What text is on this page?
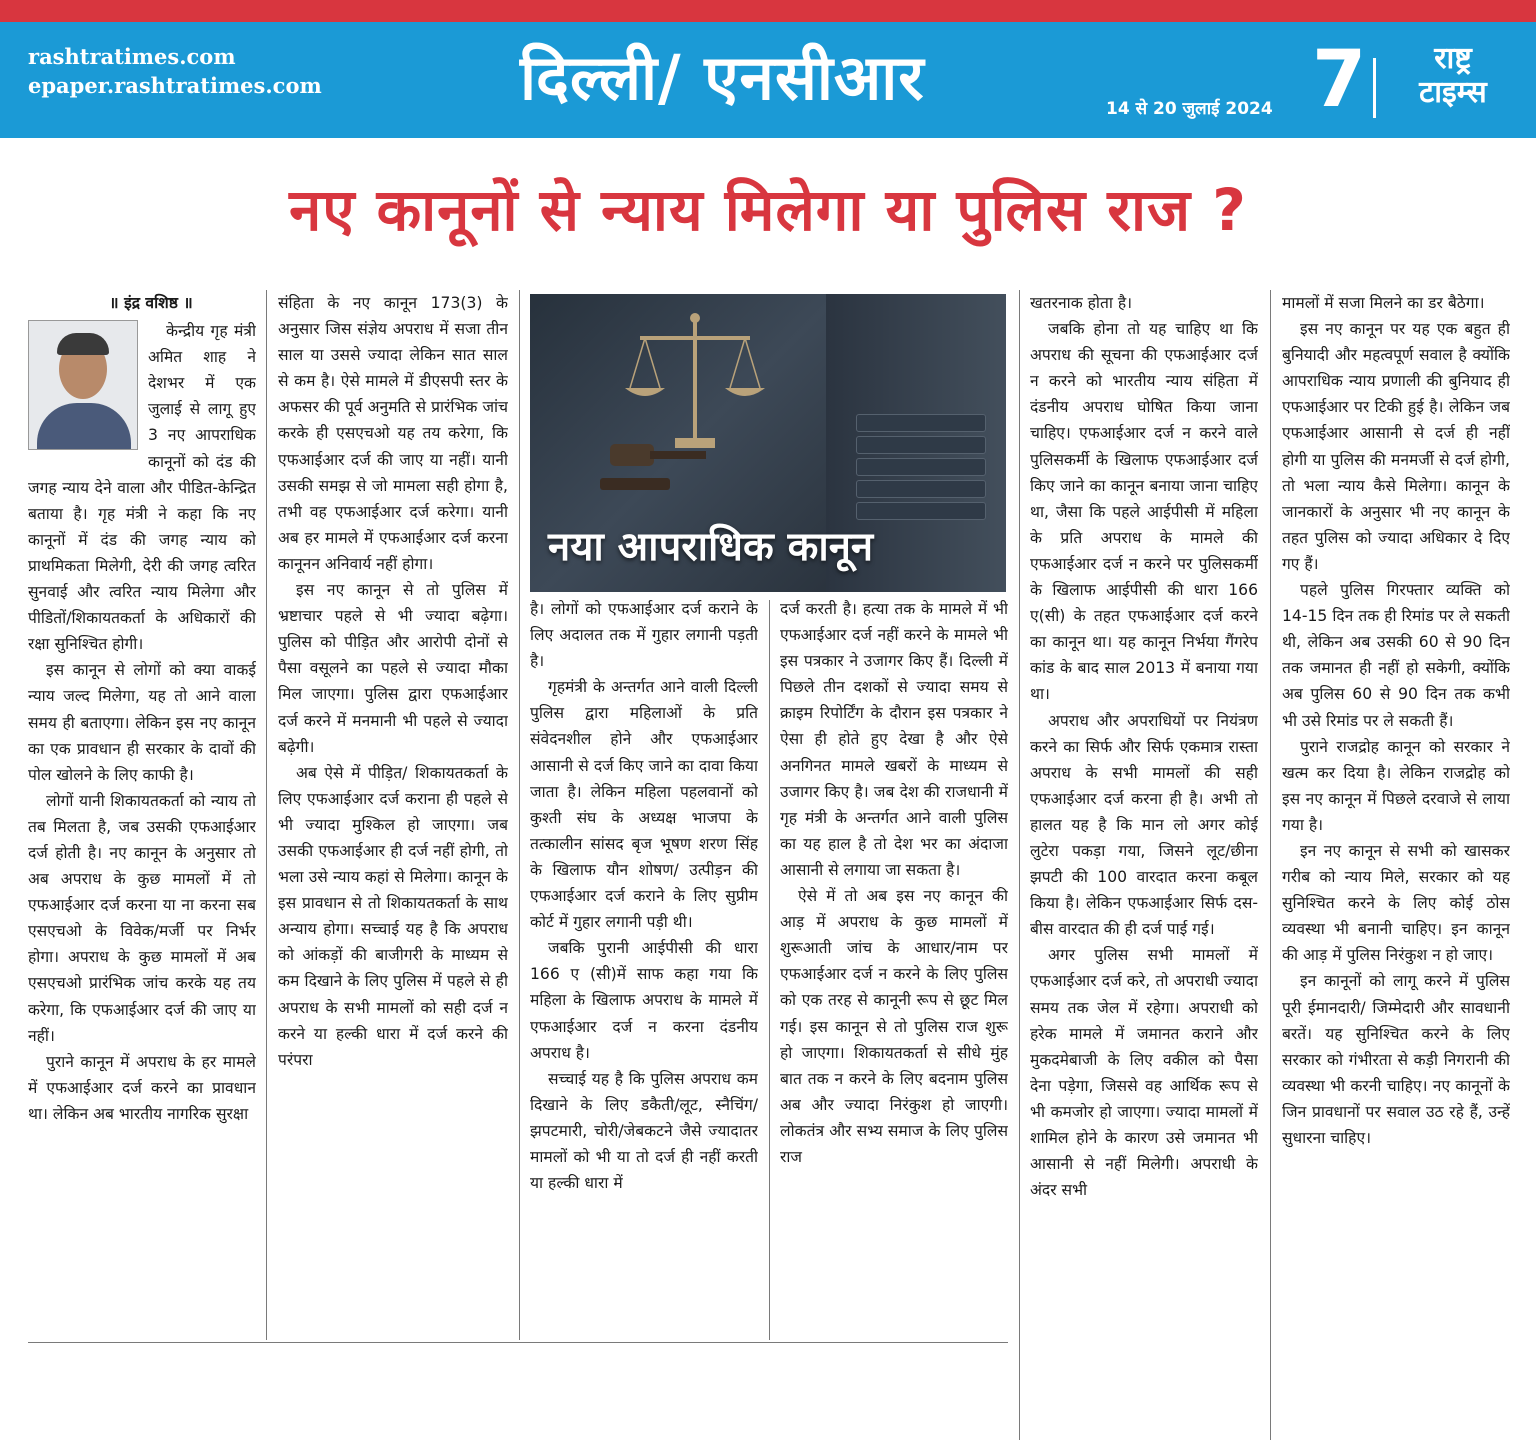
rashtratimes.com
epaper.rashtratimes.com	दिल्ली/ एनसीआर	14 से 20 जुलाई 2024 7	राष्ट्र
टाइम्स
नए कानूनों से न्याय मिलेगा या पुलिस राज ?

॥ इंद्र वशिष्ठ ॥

केन्द्रीय गृह मंत्री अमित शाह ने देशभर में एक जुलाई से लागू हुए 3 नए आपराधिक कानूनों को दंड की जगह न्याय देने वाला और पीडित-केन्द्रित बताया है। गृह मंत्री ने कहा कि नए कानूनों में दंड की जगह न्याय को प्राथमिकता मिलेगी, देरी की जगह त्वरित सुनवाई और त्वरित न्याय मिलेगा और पीडितों/शिकायतकर्ता के अधिकारों की रक्षा सुनिश्चित होगी।

इस कानून से लोगों को क्या वाकई न्याय जल्द मिलेगा, यह तो आने वाला समय ही बताएगा। लेकिन इस नए कानून का एक प्रावधान ही सरकार के दावों की पोल खोलने के लिए काफी है।

लोगों यानी शिकायतकर्ता को न्याय तो तब मिलता है, जब उसकी एफआईआर दर्ज होती है। नए कानून के अनुसार तो अब अपराध के कुछ मामलों में तो एफआईआर दर्ज करना या ना करना सब एसएचओ के विवेक/मर्जी पर निर्भर होगा। अपराध के कुछ मामलों में अब एसएचओ प्रारंभिक जांच करके यह तय करेगा, कि एफआईआर दर्ज की जाए या नहीं।

पुराने कानून में अपराध के हर मामले में एफआईआर दर्ज करने का प्रावधान था। लेकिन अब भारतीय नागरिक सुरक्षा

संहिता के नए कानून 173(3) के अनुसार जिस संज्ञेय अपराध में सजा तीन साल या उससे ज्यादा लेकिन सात साल से कम है। ऐसे मामले में डीएसपी स्तर के अफसर की पूर्व अनुमति से प्रारंभिक जांच करके ही एसएचओ यह तय करेगा, कि एफआईआर दर्ज की जाए या नहीं। यानी उसकी समझ से जो मामला सही होगा है, तभी वह एफआईआर दर्ज करेगा। यानी अब हर मामले में एफआईआर दर्ज करना कानूनन अनिवार्य नहीं होगा।

इस नए कानून से तो पुलिस में भ्रष्टाचार पहले से भी ज्यादा बढ़ेगा। पुलिस को पीड़ित और आरोपी दोनों से पैसा वसूलने का पहले से ज्यादा मौका मिल जाएगा। पुलिस द्वारा एफआईआर दर्ज करने में मनमानी भी पहले से ज्यादा बढ़ेगी।

अब ऐसे में पीड़ित/ शिकायतकर्ता के लिए एफआईआर दर्ज कराना ही पहले से भी ज्यादा मुश्किल हो जाएगा। जब उसकी एफआईआर ही दर्ज नहीं होगी, तो भला उसे न्याय कहां से मिलेगा। कानून के इस प्रावधान से तो शिकायतकर्ता के साथ अन्याय होगा। सच्चाई यह है कि अपराध को आंकड़ों की बाजीगरी के माध्यम से कम दिखाने के लिए पुलिस में पहले से ही अपराध के सभी मामलों को सही दर्ज न करने या हल्की धारा में दर्ज करने की परंपरा

नया आपराधिक कानून

है। लोगों को एफआईआर दर्ज कराने के लिए अदालत तक में गुहार लगानी पड़ती है।

गृहमंत्री के अन्तर्गत आने वाली दिल्ली पुलिस द्वारा महिलाओं के प्रति संवेदनशील होने और एफआईआर आसानी से दर्ज किए जाने का दावा किया जाता है। लेकिन महिला पहलवानों को कुश्ती संघ के अध्यक्ष भाजपा के तत्कालीन सांसद बृज भूषण शरण सिंह के खिलाफ यौन शोषण/ उत्पीड़न की एफआईआर दर्ज कराने के लिए सुप्रीम कोर्ट में गुहार लगानी पड़ी थी।

जबकि पुरानी आईपीसी की धारा 166 ए (सी)में साफ कहा गया कि महिला के खिलाफ अपराध के मामले में एफआईआर दर्ज न करना दंडनीय अपराध है।

सच्चाई यह है कि पुलिस अपराध कम दिखाने के लिए डकैती/लूट, स्नैचिंग/झपटमारी, चोरी/जेबकटने जैसे ज्यादातर मामलों को भी या तो दर्ज ही नहीं करती या हल्की धारा में

दर्ज करती है। हत्या तक के मामले में भी एफआईआर दर्ज नहीं करने के मामले भी इस पत्रकार ने उजागर किए हैं। दिल्ली में पिछले तीन दशकों से ज्यादा समय से क्राइम रिपोर्टिंग के दौरान इस पत्रकार ने ऐसा ही होते हुए देखा है और ऐसे अनगिनत मामले खबरों के माध्यम से उजागर किए है। जब देश की राजधानी में गृह मंत्री के अन्तर्गत आने वाली पुलिस का यह हाल है तो देश भर का अंदाजा आसानी से लगाया जा सकता है।

ऐसे में तो अब इस नए कानून की आड़ में अपराध के कुछ मामलों में शुरूआती जांच के आधार/नाम पर एफआईआर दर्ज न करने के लिए पुलिस को एक तरह से कानूनी रूप से छूट मिल गई। इस कानून से तो पुलिस राज शुरू हो जाएगा। शिकायतकर्ता से सीधे मुंह बात तक न करने के लिए बदनाम पुलिस अब और ज्यादा निरंकुश हो जाएगी। लोकतंत्र और सभ्य समाज के लिए पुलिस राज

खतरनाक होता है।

जबकि होना तो यह चाहिए था कि अपराध की सूचना की एफआईआर दर्ज न करने को भारतीय न्याय संहिता में दंडनीय अपराध घोषित किया जाना चाहिए। एफआईआर दर्ज न करने वाले पुलिसकर्मी के खिलाफ एफआईआर दर्ज किए जाने का कानून बनाया जाना चाहिए था, जैसा कि पहले आईपीसी में महिला के प्रति अपराध के मामले की एफआईआर दर्ज न करने पर पुलिसकर्मी के खिलाफ आईपीसी की धारा 166 ए(सी) के तहत एफआईआर दर्ज करने का कानून था। यह कानून निर्भया गैंगरेप कांड के बाद साल 2013 में बनाया गया था।

अपराध और अपराधियों पर नियंत्रण करने का सिर्फ और सिर्फ एकमात्र रास्ता अपराध के सभी मामलों की सही एफआईआर दर्ज करना ही है। अभी तो हालत यह है कि मान लो अगर कोई लुटेरा पकड़ा गया, जिसने लूट/छीना झपटी की 100 वारदात करना कबूल किया है। लेकिन एफआईआर सिर्फ दस-बीस वारदात की ही दर्ज पाई गई।

अगर पुलिस सभी मामलों में एफआईआर दर्ज करे, तो अपराधी ज्यादा समय तक जेल में रहेगा। अपराधी को हरेक मामले में जमानत कराने और मुकदमेबाजी के लिए वकील को पैसा देना पड़ेगा, जिससे वह आर्थिक रूप से भी कमजोर हो जाएगा। ज्यादा मामलों में शामिल होने के कारण उसे जमानत भी आसानी से नहीं मिलेगी। अपराधी के अंदर सभी

मामलों में सजा मिलने का डर बैठेगा।

इस नए कानून पर यह एक बहुत ही बुनियादी और महत्वपूर्ण सवाल है क्योंकि आपराधिक न्याय प्रणाली की बुनियाद ही एफआईआर पर टिकी हुई है। लेकिन जब एफआईआर आसानी से दर्ज ही नहीं होगी या पुलिस की मनमर्जी से दर्ज होगी, तो भला न्याय कैसे मिलेगा। कानून के जानकारों के अनुसार भी नए कानून के तहत पुलिस को ज्यादा अधिकार दे दिए गए हैं।

पहले पुलिस गिरफ्तार व्यक्ति को 14-15 दिन तक ही रिमांड पर ले सकती थी, लेकिन अब उसकी 60 से 90 दिन तक जमानत ही नहीं हो सकेगी, क्योंकि अब पुलिस 60 से 90 दिन तक कभी भी उसे रिमांड पर ले सकती हैं।

पुराने राजद्रोह कानून को सरकार ने खत्म कर दिया है। लेकिन राजद्रोह को इस नए कानून में पिछले दरवाजे से लाया गया है।

इन नए कानून से सभी को खासकर गरीब को न्याय मिले, सरकार को यह सुनिश्चित करने के लिए कोई ठोस व्यवस्था भी बनानी चाहिए। इन कानून की आड़ में पुलिस निरंकुश न हो जाए।

इन कानूनों को लागू करने में पुलिस पूरी ईमानदारी/ जिम्मेदारी और सावधानी बरतें। यह सुनिश्चित करने के लिए सरकार को गंभीरता से कड़ी निगरानी की व्यवस्था भी करनी चाहिए। नए कानूनों के जिन प्रावधानों पर सवाल उठ रहे हैं, उन्हें सुधारना चाहिए।
